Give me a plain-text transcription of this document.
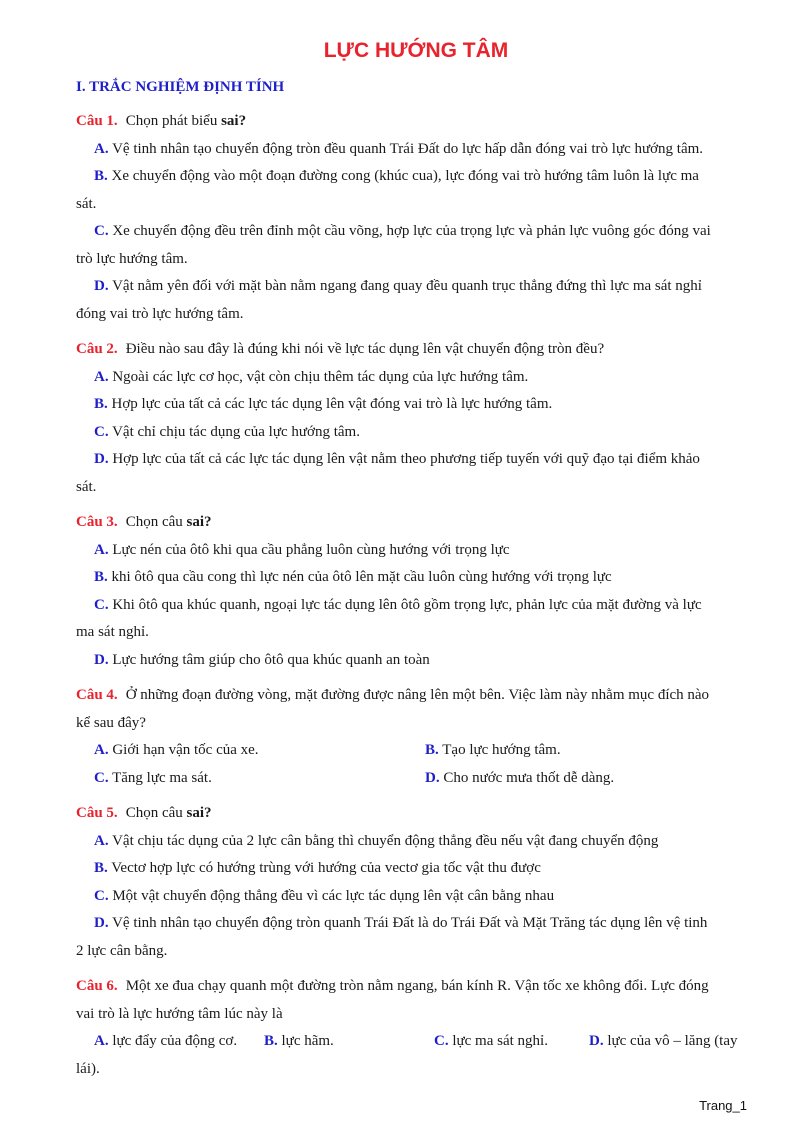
LỰC HƯỚNG TÂM
I. TRẮC NGHIỆM ĐỊNH TÍNH
Câu 1. Chọn phát biểu sai?
A. Vệ tinh nhân tạo chuyển động tròn đều quanh Trái Đất do lực hấp dẫn đóng vai trò lực hướng tâm.
B. Xe chuyển động vào một đoạn đường cong (khúc cua), lực đóng vai trò hướng tâm luôn là lực ma
sát.
C. Xe chuyển động đều trên đỉnh một cầu võng, hợp lực của trọng lực và phản lực vuông góc đóng vai
trò lực hướng tâm.
D. Vật nằm yên đối với mặt bàn nằm ngang đang quay đều quanh trục thẳng đứng thì lực ma sát nghỉ
đóng vai trò lực hướng tâm.
Câu 2. Điều nào sau đây là đúng khi nói về lực tác dụng lên vật chuyển động tròn đều?
A. Ngoài các lực cơ học, vật còn chịu thêm tác dụng của lực hướng tâm.
B. Hợp lực của tất cả các lực tác dụng lên vật đóng vai trò là lực hướng tâm.
C. Vật chỉ chịu tác dụng của lực hướng tâm.
D. Hợp lực của tất cả các lực tác dụng lên vật nằm theo phương tiếp tuyến với quỹ đạo tại điểm khảo
sát.
Câu 3. Chọn câu sai?
A. Lực nén của ôtô khi qua cầu phẳng luôn cùng hướng với trọng lực
B. khi ôtô qua cầu cong thì lực nén của ôtô lên mặt cầu luôn cùng hướng với trọng lực
C. Khi ôtô qua khúc quanh, ngoại lực tác dụng lên ôtô gồm trọng lực, phản lực của mặt đường và lực
ma sát nghỉ.
D. Lực hướng tâm giúp cho ôtô qua khúc quanh an toàn
Câu 4. Ở những đoạn đường vòng, mặt đường được nâng lên một bên. Việc làm này nhằm mục đích nào
kể sau đây?
A. Giới hạn vận tốc của xe.	B. Tạo lực hướng tâm.
C. Tăng lực ma sát.	D. Cho nước mưa thốt dễ dàng.
Câu 5. Chọn câu sai?
A. Vật chịu tác dụng của 2 lực cân bằng thì chuyển động thẳng đều nếu vật đang chuyển động
B. Vectơ hợp lực có hướng trùng với hướng của vectơ gia tốc vật thu được
C. Một vật chuyển động thẳng đều vì các lực tác dụng lên vật cân bằng nhau
D. Vệ tinh nhân tạo chuyển động tròn quanh Trái Đất là do Trái Đất và Mặt Trăng tác dụng lên vệ tinh
2 lực cân bằng.
Câu 6. Một xe đua chạy quanh một đường tròn nằm ngang, bán kính R. Vận tốc xe không đổi. Lực đóng
vai trò là lực hướng tâm lúc này là
A. lực đẩy của động cơ.	B. lực hãm.	C. lực ma sát nghỉ.	D. lực của vô – lăng (tay
lái).
Trang_1
